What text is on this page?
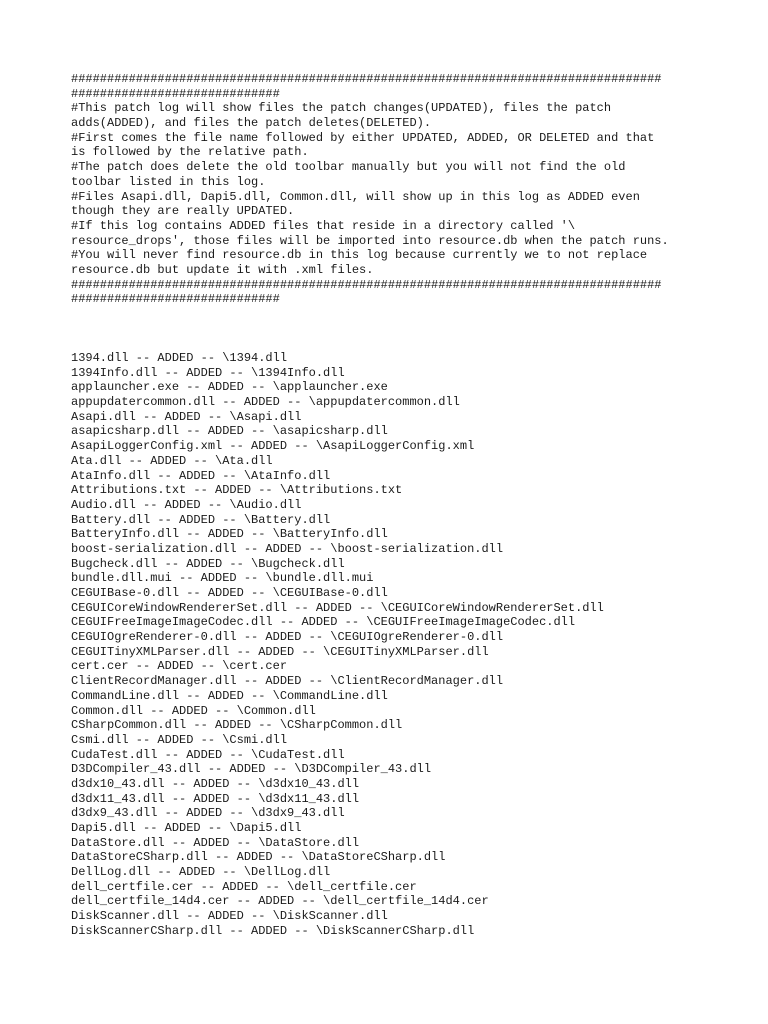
##################################################################################
#############################
#This patch log will show files the patch changes(UPDATED), files the patch
adds(ADDED), and files the patch deletes(DELETED).
#First comes the file name followed by either UPDATED, ADDED, OR DELETED and that
is followed by the relative path.
#The patch does delete the old toolbar manually but you will not find the old
toolbar listed in this log.
#Files Asapi.dll, Dapi5.dll, Common.dll, will show up in this log as ADDED even
though they are really UPDATED.
#If this log contains ADDED files that reside in a directory called '\
resource_drops', those files will be imported into resource.db when the patch runs.
#You will never find resource.db in this log because currently we to not replace
resource.db but update it with .xml files.
##################################################################################
#############################
1394.dll -- ADDED -- \1394.dll
1394Info.dll -- ADDED -- \1394Info.dll
applauncher.exe -- ADDED -- \applauncher.exe
appupdatercommon.dll -- ADDED -- \appupdatercommon.dll
Asapi.dll -- ADDED -- \Asapi.dll
asapicsharp.dll -- ADDED -- \asapicsharp.dll
AsapiLoggerConfig.xml -- ADDED -- \AsapiLoggerConfig.xml
Ata.dll -- ADDED -- \Ata.dll
AtaInfo.dll -- ADDED -- \AtaInfo.dll
Attributions.txt -- ADDED -- \Attributions.txt
Audio.dll -- ADDED -- \Audio.dll
Battery.dll -- ADDED -- \Battery.dll
BatteryInfo.dll -- ADDED -- \BatteryInfo.dll
boost-serialization.dll -- ADDED -- \boost-serialization.dll
Bugcheck.dll -- ADDED -- \Bugcheck.dll
bundle.dll.mui -- ADDED -- \bundle.dll.mui
CEGUIBase-0.dll -- ADDED -- \CEGUIBase-0.dll
CEGUICoreWindowRendererSet.dll -- ADDED -- \CEGUICoreWindowRendererSet.dll
CEGUIFreeImageImageCodec.dll -- ADDED -- \CEGUIFreeImageImageCodec.dll
CEGUIOgreRenderer-0.dll -- ADDED -- \CEGUIOgreRenderer-0.dll
CEGUITinyXMLParser.dll -- ADDED -- \CEGUITinyXMLParser.dll
cert.cer -- ADDED -- \cert.cer
ClientRecordManager.dll -- ADDED -- \ClientRecordManager.dll
CommandLine.dll -- ADDED -- \CommandLine.dll
Common.dll -- ADDED -- \Common.dll
CSharpCommon.dll -- ADDED -- \CSharpCommon.dll
Csmi.dll -- ADDED -- \Csmi.dll
CudaTest.dll -- ADDED -- \CudaTest.dll
D3DCompiler_43.dll -- ADDED -- \D3DCompiler_43.dll
d3dx10_43.dll -- ADDED -- \d3dx10_43.dll
d3dx11_43.dll -- ADDED -- \d3dx11_43.dll
d3dx9_43.dll -- ADDED -- \d3dx9_43.dll
Dapi5.dll -- ADDED -- \Dapi5.dll
DataStore.dll -- ADDED -- \DataStore.dll
DataStoreCSharp.dll -- ADDED -- \DataStoreCSharp.dll
DellLog.dll -- ADDED -- \DellLog.dll
dell_certfile.cer -- ADDED -- \dell_certfile.cer
dell_certfile_14d4.cer -- ADDED -- \dell_certfile_14d4.cer
DiskScanner.dll -- ADDED -- \DiskScanner.dll
DiskScannerCSharp.dll -- ADDED -- \DiskScannerCSharp.dll
